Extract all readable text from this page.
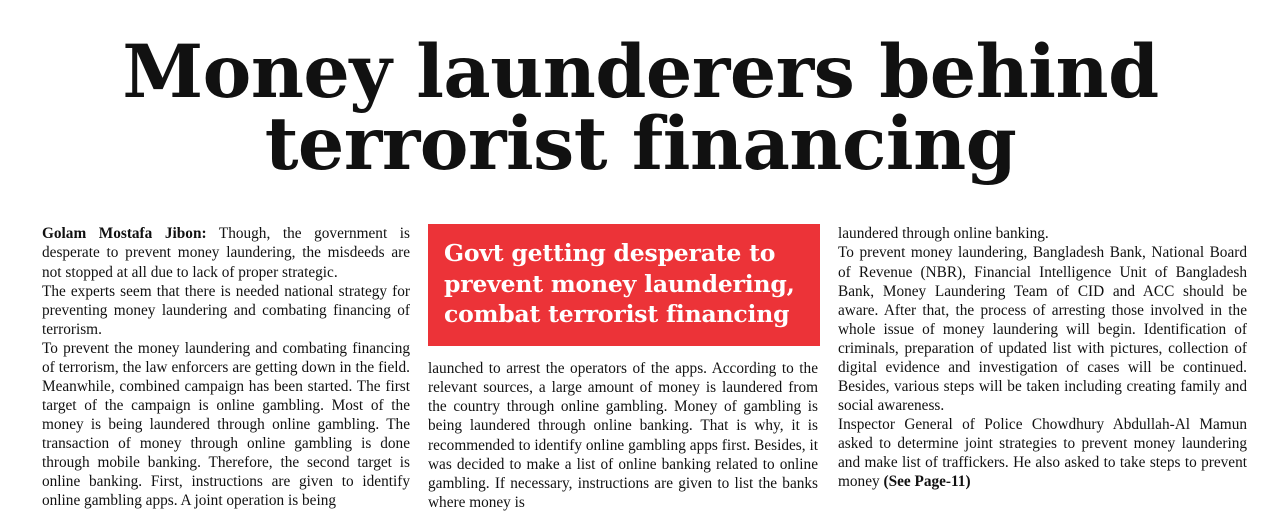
Money launderers behind
terrorist financing

Golam Mostafa Jibon: Though, the government is desperate to prevent money laundering, the misdeeds are not stopped at all due to lack of proper strategic.

The experts seem that there is needed national strategy for preventing money laundering and combating financing of terrorism.

To prevent the money laundering and combating financing of terrorism, the law enforcers are getting down in the field. Meanwhile, combined campaign has been started. The first target of the campaign is online gambling. Most of the money is being laundered through online gambling. The transaction of money through online gambling is done through mobile banking. Therefore, the second target is online banking. First, instructions are given to identify online gambling apps. A joint operation is being

Govt getting desperate to
prevent money laundering,
combat terrorist financing

launched to arrest the operators of the apps. According to the relevant sources, a large amount of money is laundered from the country through online gambling. Money of gambling is being laundered through online banking. That is why, it is recommended to identify online gambling apps first. Besides, it was decided to make a list of online banking related to online gambling. If necessary, instructions are given to list the banks where money is

laundered through online banking.

To prevent money laundering, Bangladesh Bank, National Board of Revenue (NBR), Financial Intelligence Unit of Bangladesh Bank, Money Laundering Team of CID and ACC should be aware. After that, the process of arresting those involved in the whole issue of money laundering will begin. Identification of criminals, preparation of updated list with pictures, collection of digital evidence and investigation of cases will be continued. Besides, various steps will be taken including creating family and social awareness.

Inspector General of Police Chowdhury Abdullah-Al Mamun asked to determine joint strategies to prevent money laundering and make list of traffickers. He also asked to take steps to prevent money (See Page-11)
